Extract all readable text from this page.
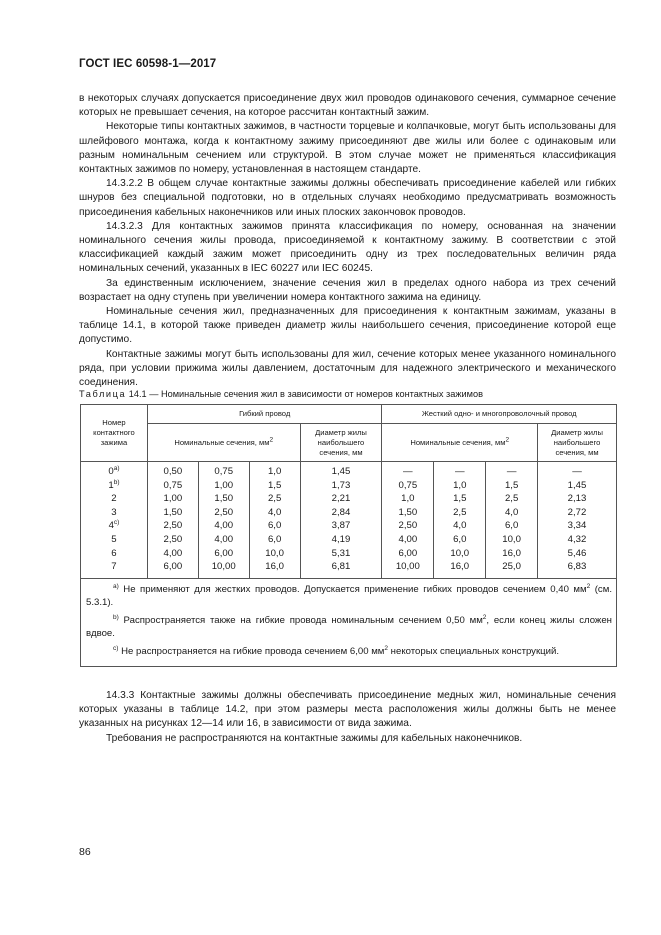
ГОСТ IEC 60598-1—2017

в некоторых случаях допускается присоединение двух жил проводов одинакового сечения, суммарное сечение которых не превышает сечения, на которое рассчитан контактный зажим.

Некоторые типы контактных зажимов, в частности торцевые и колпачковые, могут быть использованы для шлейфового монтажа, когда к контактному зажиму присоединяют две жилы или более с одинаковым или разным номинальным сечением или структурой. В этом случае может не применяться классификация контактных зажимов по номеру, установленная в настоящем стандарте.

14.3.2.2 В общем случае контактные зажимы должны обеспечивать присоединение кабелей или гибких шнуров без специальной подготовки, но в отдельных случаях необходимо предусматривать возможность присоединения кабельных наконечников или иных плоских закончовок проводов.

14.3.2.3 Для контактных зажимов принята классификация по номеру, основанная на значении номинального сечения жилы провода, присоединяемой к контактному зажиму. В соответствии с этой классификацией каждый зажим может присоединить одну из трех последовательных величин ряда номинальных сечений, указанных в IEC 60227 или IEC 60245.

За единственным исключением, значение сечения жил в пределах одного набора из трех сечений возрастает на одну ступень при увеличении номера контактного зажима на единицу.

Номинальные сечения жил, предназначенных для присоединения к контактным зажимам, указаны в таблице 14.1, в которой также приведен диаметр жилы наибольшего сечения, присоединение которой еще допустимо.

Контактные зажимы могут быть использованы для жил, сечение которых менее указанного номинального ряда, при условии прижима жилы давлением, достаточным для надежного электрического и механического соединения.

Таблица 14.1 — Номинальные сечения жил в зависимости от номеров контактных зажимов
Номер контактного зажима	Гибкий провод				Жесткий одно- и многопроволочный провод			
	Номинальные сечения, $мм^2$			Диаметр жилы наибольшего сечения, мм	Номинальные сечения, $мм^2$			Диаметр жилы наибольшего сечения, мм
0$^{a)}$	0,50	0,75	1,0	1,45	—	—	—	—
1$^{b)}$	0,75	1,00	1,5	1,73	0,75	1,0	1,5	1,45
2	1,00	1,50	2,5	2,21	1,0	1,5	2,5	2,13
3	1,50	2,50	4,0	2,84	1,50	2,5	4,0	2,72
4$^{c)}$	2,50	4,00	6,0	3,87	2,50	4,0	6,0	3,34
5	2,50	4,00	6,0	4,19	4,00	6,0	10,0	4,32
6	4,00	6,00	10,0	5,31	6,00	10,0	16,0	5,46
7	6,00	10,00	16,0	6,81	10,00	16,0	25,0	6,83

$^{a)}$ Не применяют для жестких проводов. Допускается применение гибких проводов сечением 0,40 $мм^2$ (см. 5.3.1).

$^{b)}$ Распространяется также на гибкие провода номинальным сечением 0,50 $мм^2$, если конец жилы сложен вдвое.

$^{c)}$ Не распространяется на гибкие провода сечением 6,00 $мм^2$ некоторых специальных конструкций.								

14.3.3 Контактные зажимы должны обеспечивать присоединение медных жил, номинальные сечения которых указаны в таблице 14.2, при этом размеры места расположения жилы должны быть не менее указанных на рисунках 12—14 или 16, в зависимости от вида зажима.

Требования не распространяются на контактные зажимы для кабельных наконечников.

86
